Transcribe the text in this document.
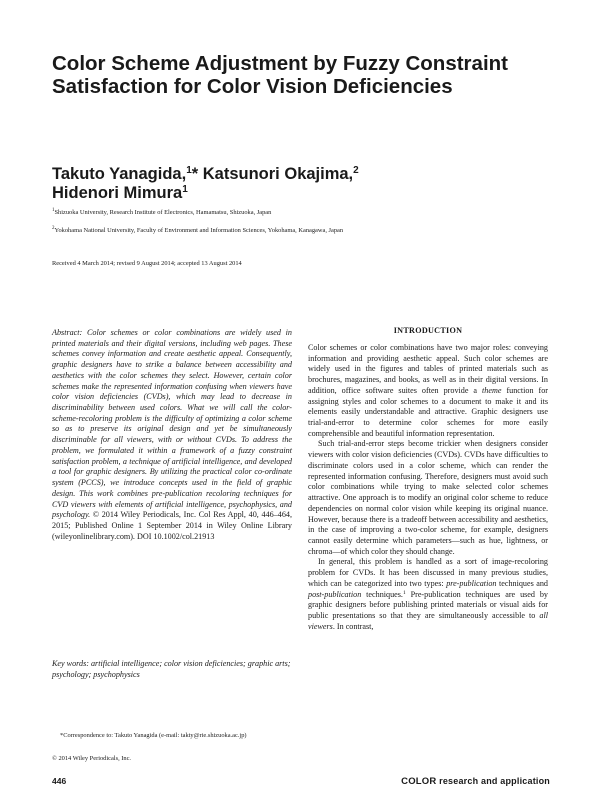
Color Scheme Adjustment by Fuzzy Constraint Satisfaction for Color Vision Deficiencies
Takuto Yanagida,$^1$* Katsunori Okajima,$^2$
Hidenori Mimura$^1$
$^1$Shizuoka University, Research Institute of Electronics, Hamamatsu, Shizuoka, Japan
$^2$Yokohama National University, Faculty of Environment and Information Sciences, Yokohama, Kanagawa, Japan
Received 4 March 2014; revised 9 August 2014; accepted 13 August 2014

Abstract: Color schemes or color combinations are widely used in printed materials and their digital versions, including web pages. These schemes convey information and create aesthetic appeal. Consequently, graphic designers have to strike a balance between accessibility and aesthetics with the color schemes they select. However, certain color schemes make the represented information confusing when viewers have color vision deficiencies (CVDs), which may lead to decrease in discriminability between used colors. What we will call the color-scheme-recoloring problem is the difficulty of optimizing a color scheme so as to preserve its original design and yet be simultaneously discriminable for all viewers, with or without CVDs. To address the problem, we formulated it within a framework of a fuzzy constraint satisfaction problem, a technique of artificial intelligence, and developed a tool for graphic designers. By utilizing the practical color co-ordinate system (PCCS), we introduce concepts used in the field of graphic design. This work combines pre-publication recoloring techniques for CVD viewers with elements of artificial intelligence, psychophysics, and psychology. © 2014 Wiley Periodicals, Inc. Col Res Appl, 40, 446–464, 2015; Published Online 1 September 2014 in Wiley Online Library (wileyonlinelibrary.com). DOI 10.1002/col.21913

Key words: artificial intelligence; color vision deficiencies; graphic arts; psychology; psychophysics

*Correspondence to: Takuto Yanagida (e-mail: takty@rie.shizuoka.ac.jp)
© 2014 Wiley Periodicals, Inc.
INTRODUCTION

Color schemes or color combinations have two major roles: conveying information and providing aesthetic appeal. Such color schemes are widely used in the figures and tables of printed materials such as brochures, magazines, and books, as well as in their digital versions. In addition, office software suites often provide a theme function for assigning styles and color schemes to a document to make it and its elements easily understandable and attractive. Graphic designers use trial-and-error to determine color schemes for more easily comprehensible and beautiful information representation.

Such trial-and-error steps become trickier when designers consider viewers with color vision deficiencies (CVDs). CVDs have difficulties to discriminate colors used in a color scheme, which can render the represented information confusing. Therefore, designers must avoid such color combinations while trying to make selected color schemes attractive. One approach is to modify an original color scheme to reduce dependencies on normal color vision while keeping its original nuance. However, because there is a tradeoff between accessibility and aesthetics, in the case of improving a two-color scheme, for example, designers cannot easily determine which parameters—such as hue, lightness, or chroma—of which color they should change.

In general, this problem is handled as a sort of image-recoloring problem for CVDs. It has been discussed in many previous studies, which can be categorized into two types: pre-publication techniques and post-publication techniques.$^1$ Pre-publication techniques are used by graphic designers before publishing printed materials or visual aids for public presentations so that they are simultaneously accessible to all viewers. In contrast,

446	COLOR research and application
